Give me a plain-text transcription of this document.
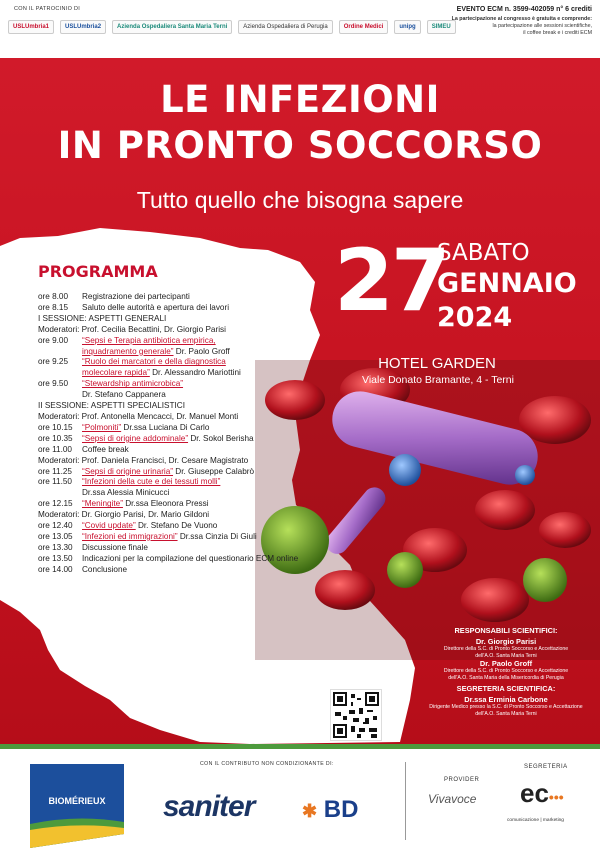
CON IL PATROCINIO DI
USLUmbria1	USLUmbria2	Azienda Ospedaliera Santa Maria Terni	Azienda Ospedaliera di Perugia	Ordine Medici	unipg	SIMEU
EVENTO ECM n. 3599-402059 n° 6 crediti
La partecipazione al congresso è gratuita e comprende:
la partecipazione alle sessioni scientifiche,
il coffee break e i crediti ECM
LE INFEZIONI
IN PRONTO SOCCORSO
Tutto quello che bisogna sapere
27
SABATO
GENNAIO
2024
HOTEL GARDEN
Viale Donato Bramante, 4 - Terni
PROGRAMMA
ore 8.00	Registrazione dei partecipanti
ore 8.15	Saluto delle autorità e apertura dei lavori
I SESSIONE: ASPETTI GENERALI
Moderatori: Prof. Cecilia Becattini, Dr. Giorgio Parisi
ore 9.00	“Sepsi e Terapia antibiotica empirica,
inquadramento generale” Dr. Paolo Groff
ore 9.25	“Ruolo dei marcatori e della diagnostica
molecolare rapida” Dr. Alessandro Mariottini
ore 9.50	“Stewardship antimicrobica”
Dr. Stefano Cappanera
II SESSIONE: ASPETTI SPECIALISTICI
Moderatori: Prof. Antonella Mencacci, Dr. Manuel Monti
ore 10.15	“Polmoniti” Dr.ssa Luciana Di Carlo
ore 10.35	“Sepsi di origine addominale” Dr. Sokol Berisha
ore 11.00	Coffee break
Moderatori: Prof. Daniela Francisci, Dr. Cesare Magistrato
ore 11.25	“Sepsi di origine urinaria” Dr. Giuseppe Calabrò
ore 11.50	“Infezioni della cute e dei tessuti molli”
Dr.ssa Alessia Minicucci
ore 12.15	“Meningite” Dr.ssa Eleonora Pressi
Moderatori: Dr. Giorgio Parisi, Dr. Mario Gildoni
ore 12.40	“Covid update” Dr. Stefano De Vuono
ore 13.05	“Infezioni ed immigrazioni” Dr.ssa Cinzia Di Giuli
ore 13.30	Discussione finale
ore 13.50	Indicazioni per la compilazione del questionario ECM online
ore 14.00	Conclusione
RESPONSABILI SCIENTIFICI:
Dr. Giorgio Parisi
Direttore della S.C. di Pronto Soccorso e Accettazione
dell'A.O. Santa Maria Terni
Dr. Paolo Groff
Direttore della S.C. di Pronto Soccorso e Accettazione
dell'A.O. Santa Maria della Misericordia di Perugia
SEGRETERIA SCIENTIFICA:
Dr.ssa Erminia Carbone
Dirigente Medico presso la S.C. di Pronto Soccorso e Accettazione
dell'A.O. Santa Maria Terni
PER ISCRIZIONI
segreteriaconvegniec@gmail.com
Tel. 346.5880767 - 329.2259432
CON IL CONTRIBUTO NON CONDIZIONANTE DI:
BIOMÉRIEUX saniter	✱ BD
PROVIDER
Vivavoce
SEGRETERIA
ec•••
comunicazione | marketing
